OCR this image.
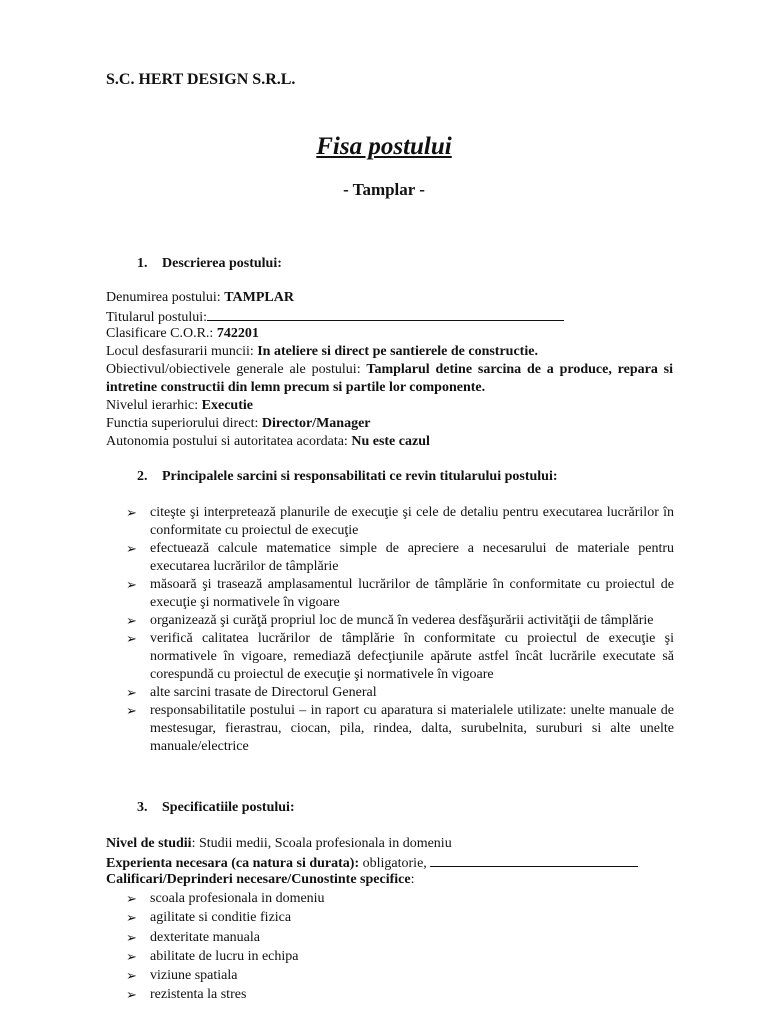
S.C. HERT DESIGN S.R.L.
Fisa postului
- Tamplar -
1. Descrierea postului:
Denumirea postului: TAMPLAR
Titularul postului:
Clasificare C.O.R.: 742201
Locul desfasurarii muncii: In ateliere si direct pe santierele de constructie.
Obiectivul/obiectivele generale ale postului: Tamplarul detine sarcina de a produce, repara si intretine constructii din lemn precum si partile lor componente.
Nivelul ierarhic: Executie
Functia superiorului direct: Director/Manager
Autonomia postului si autoritatea acordata: Nu este cazul
2. Principalele sarcini si responsabilitati ce revin titularului postului:
➢ citeşte şi interpretează planurile de execuţie şi cele de detaliu pentru executarea lucrărilor în conformitate cu proiectul de execuţie
➢ efectuează calcule matematice simple de apreciere a necesarului de materiale pentru executarea lucrărilor de tâmplărie
➢ măsoară şi trasează amplasamentul lucrărilor de tâmplărie în conformitate cu proiectul de execuţie şi normativele în vigoare
➢ organizează şi curăţă propriul loc de muncă în vederea desfăşurării activităţii de tâmplărie
➢ verifică calitatea lucrărilor de tâmplărie în conformitate cu proiectul de execuţie şi normativele în vigoare, remediază defecţiunile apărute astfel încât lucrările executate să corespundă cu proiectul de execuţie şi normativele în vigoare
➢ alte sarcini trasate de Directorul General
➢ responsabilitatile postului – in raport cu aparatura si materialele utilizate: unelte manuale de mestesugar, fierastrau, ciocan, pila, rindea, dalta, surubelnita, suruburi si alte unelte manuale/electrice
3. Specificatiile postului:
Nivel de studii: Studii medii, Scoala profesionala in domeniu
Experienta necesara (ca natura si durata): obligatorie,
Calificari/Deprinderi necesare/Cunostinte specifice:
➢ scoala profesionala in domeniu
➢ agilitate si conditie fizica
➢ dexteritate manuala
➢ abilitate de lucru in echipa
➢ viziune spatiala
➢ rezistenta la stres
